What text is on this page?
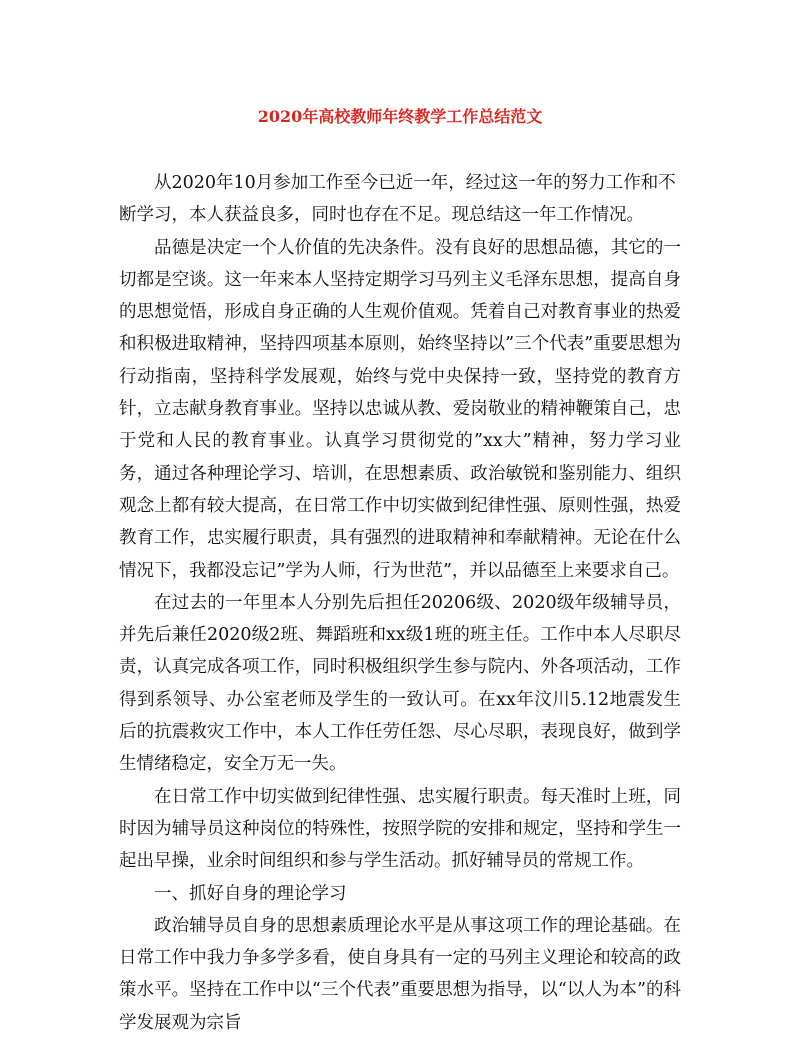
2020年高校教师年终教学工作总结范文

从2020年10月参加工作至今已近一年，经过这一年的努力工作和不断学习，本人获益良多，同时也存在不足。现总结这一年工作情况。

品德是决定一个人价值的先决条件。没有良好的思想品德，其它的一切都是空谈。这一年来本人坚持定期学习马列主义毛泽东思想，提高自身的思想觉悟，形成自身正确的人生观价值观。凭着自己对教育事业的热爱和积极进取精神，坚持四项基本原则，始终坚持以”三个代表”重要思想为行动指南，坚持科学发展观，始终与党中央保持一致，坚持党的教育方针，立志献身教育事业。坚持以忠诚从教、爱岗敬业的精神鞭策自己，忠于党和人民的教育事业。认真学习贯彻党的”xx大”精神，努力学习业务，通过各种理论学习、培训，在思想素质、政治敏锐和鉴别能力、组织观念上都有较大提高，在日常工作中切实做到纪律性强、原则性强，热爱教育工作，忠实履行职责，具有强烈的进取精神和奉献精神。无论在什么情况下，我都没忘记”学为人师，行为世范”，并以品德至上来要求自己。

在过去的一年里本人分别先后担任20206级、2020级年级辅导员，并先后兼任2020级2班、舞蹈班和xx级1班的班主任。工作中本人尽职尽责，认真完成各项工作，同时积极组织学生参与院内、外各项活动，工作得到系领导、办公室老师及学生的一致认可。在xx年汶川5.12地震发生后的抗震救灾工作中，本人工作任劳任怨、尽心尽职，表现良好，做到学生情绪稳定，安全万无一失。

在日常工作中切实做到纪律性强、忠实履行职责。每天准时上班，同时因为辅导员这种岗位的特殊性，按照学院的安排和规定，坚持和学生一起出早操，业余时间组织和参与学生活动。抓好辅导员的常规工作。

一、抓好自身的理论学习

政治辅导员自身的思想素质理论水平是从事这项工作的理论基础。在日常工作中我力争多学多看，使自身具有一定的马列主义理论和较高的政策水平。坚持在工作中以“三个代表”重要思想为指导，以“以人为本”的科学发展观为宗旨
